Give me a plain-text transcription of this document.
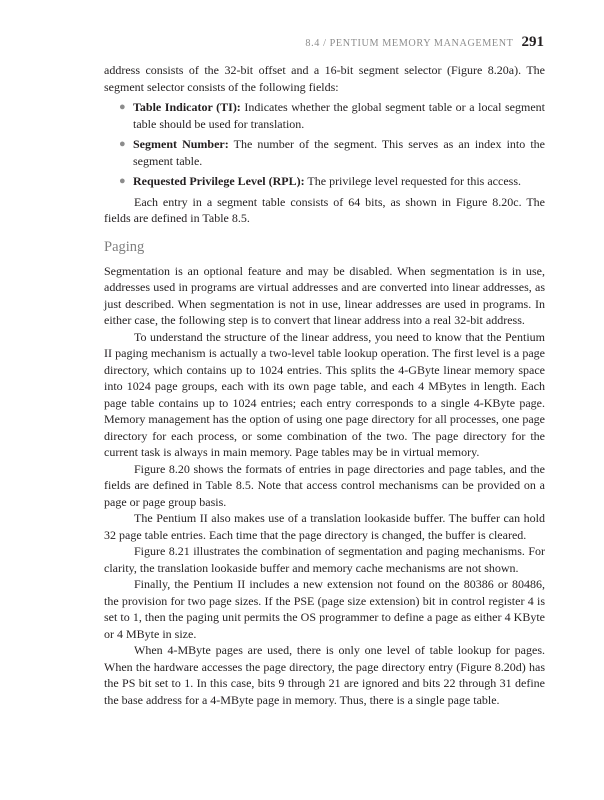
8.4 / PENTIUM MEMORY MANAGEMENT 291

address consists of the 32-bit offset and a 16-bit segment selector (Figure 8.20a). The segment selector consists of the following fields:

● Table Indicator (TI): Indicates whether the global segment table or a local segment table should be used for translation.
● Segment Number: The number of the segment. This serves as an index into the segment table.
● Requested Privilege Level (RPL): The privilege level requested for this access.

Each entry in a segment table consists of 64 bits, as shown in Figure 8.20c. The fields are defined in Table 8.5.

Paging

Segmentation is an optional feature and may be disabled. When segmentation is in use, addresses used in programs are virtual addresses and are converted into linear addresses, as just described. When segmentation is not in use, linear addresses are used in programs. In either case, the following step is to convert that linear address into a real 32-bit address.

To understand the structure of the linear address, you need to know that the Pentium II paging mechanism is actually a two-level table lookup operation. The first level is a page directory, which contains up to 1024 entries. This splits the 4-GByte linear memory space into 1024 page groups, each with its own page table, and each 4 MBytes in length. Each page table contains up to 1024 entries; each entry corresponds to a single 4-KByte page. Memory management has the option of using one page directory for all processes, one page directory for each process, or some combination of the two. The page directory for the current task is always in main memory. Page tables may be in virtual memory.

Figure 8.20 shows the formats of entries in page directories and page tables, and the fields are defined in Table 8.5. Note that access control mechanisms can be provided on a page or page group basis.

The Pentium II also makes use of a translation lookaside buffer. The buffer can hold 32 page table entries. Each time that the page directory is changed, the buffer is cleared.

Figure 8.21 illustrates the combination of segmentation and paging mechanisms. For clarity, the translation lookaside buffer and memory cache mechanisms are not shown.

Finally, the Pentium II includes a new extension not found on the 80386 or 80486, the provision for two page sizes. If the PSE (page size extension) bit in control register 4 is set to 1, then the paging unit permits the OS programmer to define a page as either 4 KByte or 4 MByte in size.

When 4-MByte pages are used, there is only one level of table lookup for pages. When the hardware accesses the page directory, the page directory entry (Figure 8.20d) has the PS bit set to 1. In this case, bits 9 through 21 are ignored and bits 22 through 31 define the base address for a 4-MByte page in memory. Thus, there is a single page table.
